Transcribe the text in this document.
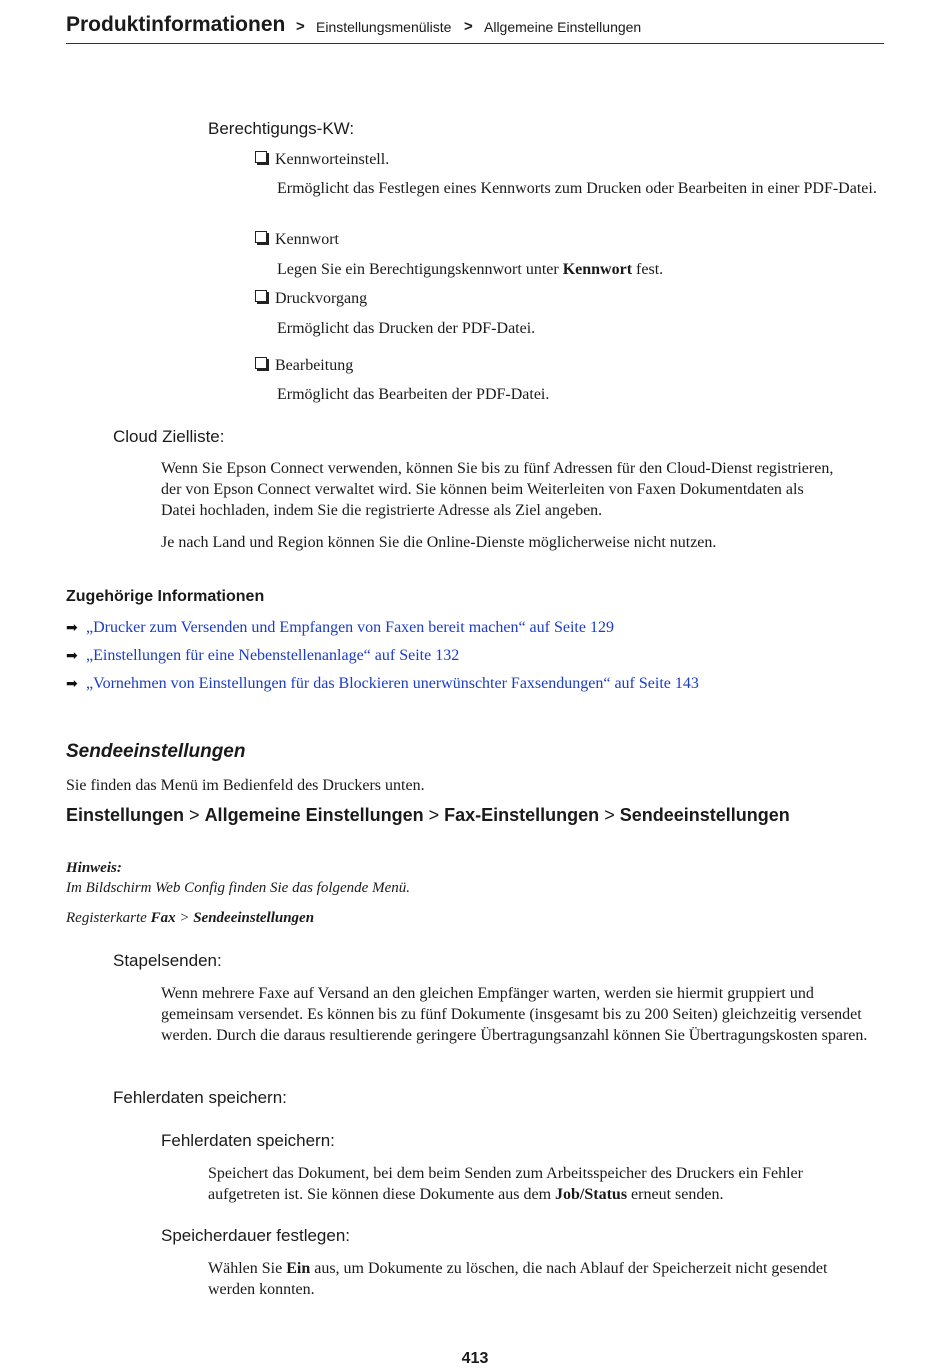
Produktinformationen > Einstellungsmenüliste > Allgemeine Einstellungen
Berechtigungs-KW:
Kennworteinstell.
Ermöglicht das Festlegen eines Kennworts zum Drucken oder Bearbeiten in einer PDF-Datei.
Kennwort
Legen Sie ein Berechtigungskennwort unter Kennwort fest.
Druckvorgang
Ermöglicht das Drucken der PDF-Datei.
Bearbeitung
Ermöglicht das Bearbeiten der PDF-Datei.
Cloud Zielliste:
Wenn Sie Epson Connect verwenden, können Sie bis zu fünf Adressen für den Cloud-Dienst registrieren, der von Epson Connect verwaltet wird. Sie können beim Weiterleiten von Faxen Dokumentdaten als Datei hochladen, indem Sie die registrierte Adresse als Ziel angeben.
Je nach Land und Region können Sie die Online-Dienste möglicherweise nicht nutzen.
Zugehörige Informationen
➡ „Drucker zum Versenden und Empfangen von Faxen bereit machen“ auf Seite 129
➡ „Einstellungen für eine Nebenstellenanlage“ auf Seite 132
➡ „Vornehmen von Einstellungen für das Blockieren unerwünschter Faxsendungen“ auf Seite 143
Sendeeinstellungen
Sie finden das Menü im Bedienfeld des Druckers unten.
Einstellungen > Allgemeine Einstellungen > Fax-Einstellungen > Sendeeinstellungen
Hinweis:
Im Bildschirm Web Config finden Sie das folgende Menü.
Registerkarte Fax > Sendeeinstellungen
Stapelsenden:
Wenn mehrere Faxe auf Versand an den gleichen Empfänger warten, werden sie hiermit gruppiert und gemeinsam versendet. Es können bis zu fünf Dokumente (insgesamt bis zu 200 Seiten) gleichzeitig versendet werden. Durch die daraus resultierende geringere Übertragungsanzahl können Sie Übertragungskosten sparen.
Fehlerdaten speichern:
Fehlerdaten speichern:
Speichert das Dokument, bei dem beim Senden zum Arbeitsspeicher des Druckers ein Fehler aufgetreten ist. Sie können diese Dokumente aus dem Job/Status erneut senden.
Speicherdauer festlegen:
Wählen Sie Ein aus, um Dokumente zu löschen, die nach Ablauf der Speicherzeit nicht gesendet werden konnten.
413
